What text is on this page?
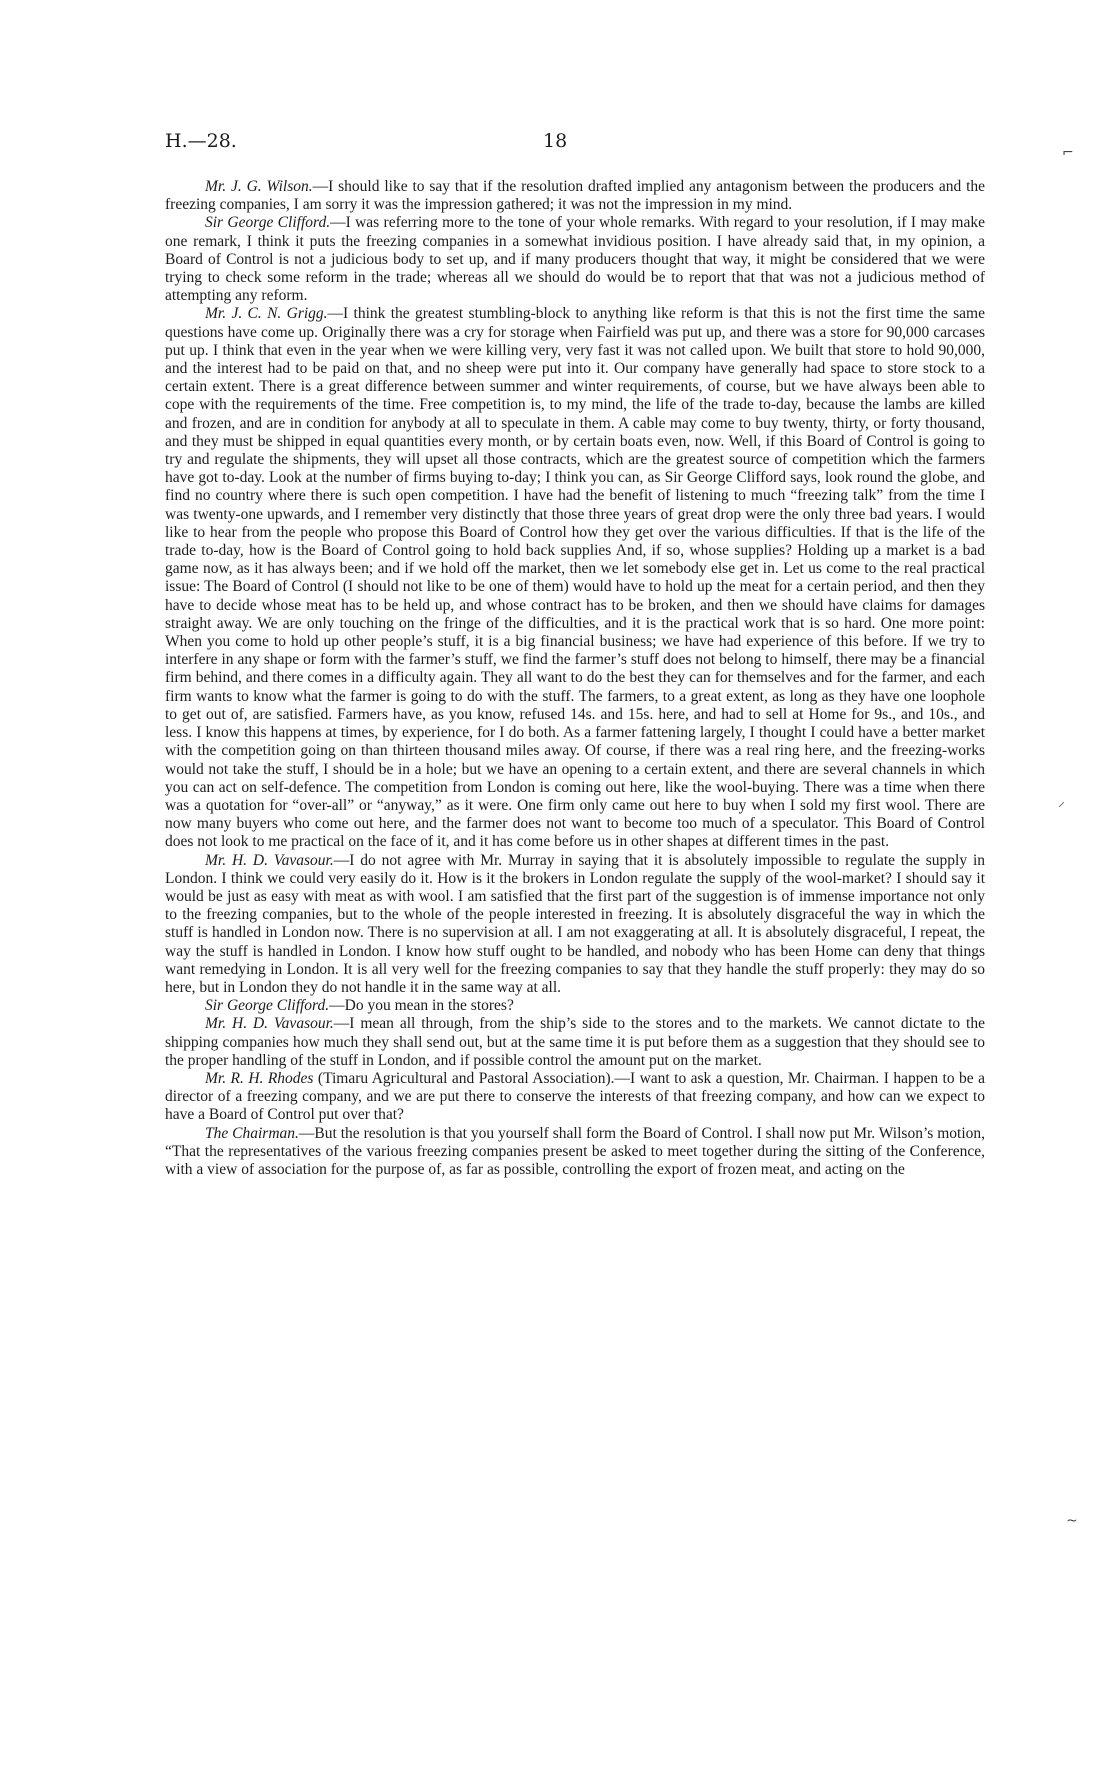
H.—28.	18
⌐
⸝
~

Mr. J. G. Wilson.—I should like to say that if the resolution drafted implied any antagonism between the producers and the freezing companies, I am sorry it was the impression gathered; it was not the impression in my mind.

Sir George Clifford.—I was referring more to the tone of your whole remarks. With regard to your resolution, if I may make one remark, I think it puts the freezing companies in a somewhat invidious position. I have already said that, in my opinion, a Board of Control is not a judicious body to set up, and if many producers thought that way, it might be considered that we were trying to check some reform in the trade; whereas all we should do would be to report that that was not a judicious method of attempting any reform.

Mr. J. C. N. Grigg.—I think the greatest stumbling-block to anything like reform is that this is not the first time the same questions have come up. Originally there was a cry for storage when Fairfield was put up, and there was a store for 90,000 carcases put up. I think that even in the year when we were killing very, very fast it was not called upon. We built that store to hold 90,000, and the interest had to be paid on that, and no sheep were put into it. Our company have generally had space to store stock to a certain extent. There is a great difference between summer and winter requirements, of course, but we have always been able to cope with the requirements of the time. Free competition is, to my mind, the life of the trade to-day, because the lambs are killed and frozen, and are in condition for anybody at all to speculate in them. A cable may come to buy twenty, thirty, or forty thousand, and they must be shipped in equal quantities every month, or by certain boats even, now. Well, if this Board of Control is going to try and regulate the shipments, they will upset all those contracts, which are the greatest source of competition which the farmers have got to-day. Look at the number of firms buying to-day; I think you can, as Sir George Clifford says, look round the globe, and find no country where there is such open competition. I have had the benefit of listening to much “freezing talk” from the time I was twenty-one upwards, and I remember very distinctly that those three years of great drop were the only three bad years. I would like to hear from the people who propose this Board of Control how they get over the various difficulties. If that is the life of the trade to-day, how is the Board of Control going to hold back supplies And, if so, whose supplies? Holding up a market is a bad game now, as it has always been; and if we hold off the market, then we let somebody else get in. Let us come to the real practical issue: The Board of Control (I should not like to be one of them) would have to hold up the meat for a certain period, and then they have to decide whose meat has to be held up, and whose contract has to be broken, and then we should have claims for damages straight away. We are only touching on the fringe of the difficulties, and it is the practical work that is so hard. One more point: When you come to hold up other people’s stuff, it is a big financial business; we have had experience of this before. If we try to interfere in any shape or form with the farmer’s stuff, we find the farmer’s stuff does not belong to himself, there may be a financial firm behind, and there comes in a difficulty again. They all want to do the best they can for themselves and for the farmer, and each firm wants to know what the farmer is going to do with the stuff. The farmers, to a great extent, as long as they have one loophole to get out of, are satisfied. Farmers have, as you know, refused 14s. and 15s. here, and had to sell at Home for 9s., and 10s., and less. I know this happens at times, by experience, for I do both. As a farmer fattening largely, I thought I could have a better market with the competition going on than thirteen thousand miles away. Of course, if there was a real ring here, and the freezing-works would not take the stuff, I should be in a hole; but we have an opening to a certain extent, and there are several channels in which you can act on self-defence. The competition from London is coming out here, like the wool-buying. There was a time when there was a quotation for “over-all” or “anyway,” as it were. One firm only came out here to buy when I sold my first wool. There are now many buyers who come out here, and the farmer does not want to become too much of a speculator. This Board of Control does not look to me practical on the face of it, and it has come before us in other shapes at different times in the past.

Mr. H. D. Vavasour.—I do not agree with Mr. Murray in saying that it is absolutely impossible to regulate the supply in London. I think we could very easily do it. How is it the brokers in London regulate the supply of the wool-market? I should say it would be just as easy with meat as with wool. I am satisfied that the first part of the suggestion is of immense importance not only to the freezing companies, but to the whole of the people interested in freezing. It is absolutely disgraceful the way in which the stuff is handled in London now. There is no supervision at all. I am not exaggerating at all. It is absolutely disgraceful, I repeat, the way the stuff is handled in London. I know how stuff ought to be handled, and nobody who has been Home can deny that things want remedying in London. It is all very well for the freezing companies to say that they handle the stuff properly: they may do so here, but in London they do not handle it in the same way at all.

Sir George Clifford.—Do you mean in the stores?

Mr. H. D. Vavasour.—I mean all through, from the ship’s side to the stores and to the markets. We cannot dictate to the shipping companies how much they shall send out, but at the same time it is put before them as a suggestion that they should see to the proper handling of the stuff in London, and if possible control the amount put on the market.

Mr. R. H. Rhodes (Timaru Agricultural and Pastoral Association).—I want to ask a question, Mr. Chairman. I happen to be a director of a freezing company, and we are put there to conserve the interests of that freezing company, and how can we expect to have a Board of Control put over that?

The Chairman.—But the resolution is that you yourself shall form the Board of Control. I shall now put Mr. Wilson’s motion, “That the representatives of the various freezing companies present be asked to meet together during the sitting of the Conference, with a view of association for the purpose of, as far as possible, controlling the export of frozen meat, and acting on the
